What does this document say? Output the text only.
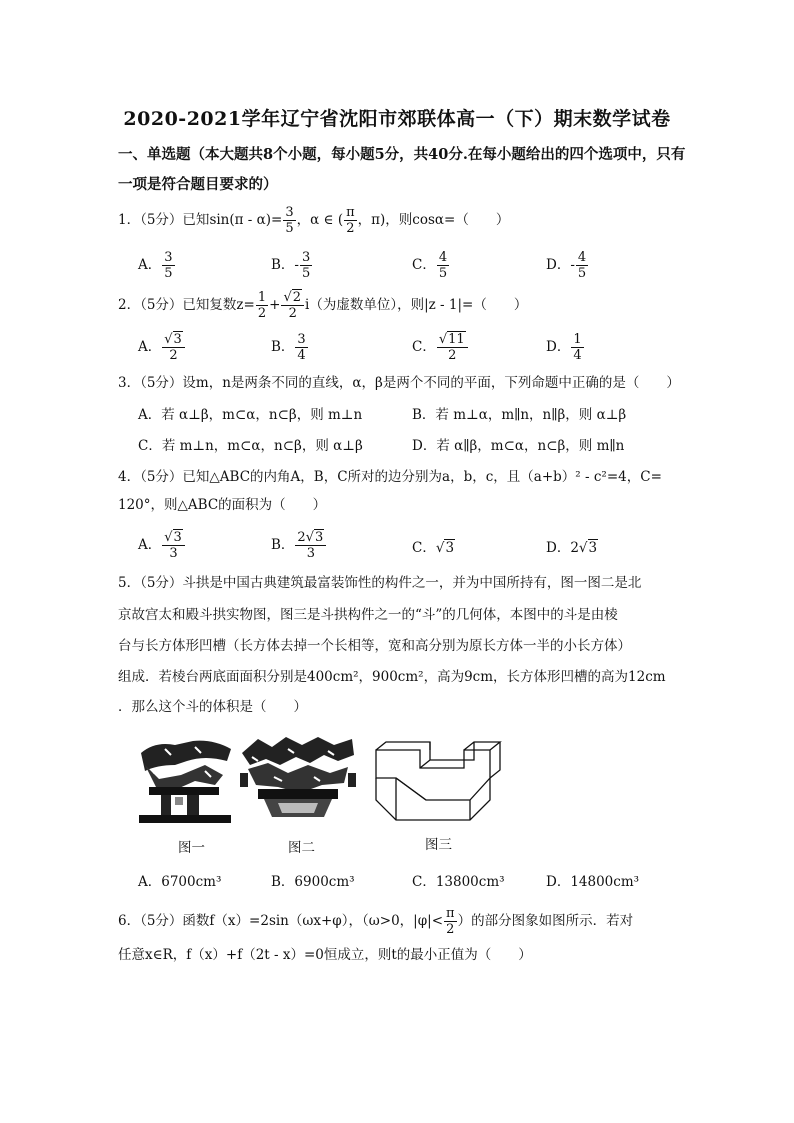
2020-2021学年辽宁省沈阳市郊联体高一（下）期末数学试卷
一、单选题（本大题共8个小题，每小题5分，共40分.在每小题给出的四个选项中，只有
一项是符合题目要求的）
1．（5分）已知$\sin(\pi - \alpha)= \frac{3}{5}$ ，α ∈ ( $\frac{\pi}{2}$ ，π)，则cosα=（　　）
A． $\frac{3}{5}$	B．- $\frac{3}{5}$	C． $\frac{4}{5}$	D．- $\frac{4}{5}$
2．（5分）已知复数$z= \frac{1}{2} + \frac{√2}{2} i$（为虚数单位），则|z - 1|=（　　）
A． $\frac{√3}{2}$	B． $\frac{3}{4}$	C． $\frac{√11}{2}$	D． $\frac{1}{4}$
3．（5分）设m，n是两条不同的直线，α，β是两个不同的平面，下列命题中正确的是（　　）
A．若 α⊥β，m⊂α，n⊂β，则 m⊥n	B．若 m⊥α，m∥n，n∥β，则 α⊥β
C．若 m⊥n，m⊂α，n⊂β，则 α⊥β	D．若 α∥β，m⊂α，n⊂β，则 m∥n
4．（5分）已知△ABC的内角A，B，C所对的边分别为a，b，c，且（a+b）² - c²=4，C=
120°，则△ABC的面积为（　　）
A． $\frac{√3}{3}$	B． $\frac{2√3}{3}$	C．√3	D．2√3
5．（5分）斗拱是中国古典建筑最富装饰性的构件之一，并为中国所持有，图一图二是北
京故宫太和殿斗拱实物图，图三是斗拱构件之一的“斗”的几何体，本图中的斗是由棱
台与长方体形凹槽（长方体去掉一个长相等，宽和高分别为原长方体一半的小长方体）
组成．若棱台两底面面积分别是400cm²，900cm²，高为9cm，长方体形凹槽的高为12cm
．那么这个斗的体积是（　　）
图一	图二	图三
A．6700cm³	B．6900cm³	C．13800cm³	D．14800cm³
6．（5分）函数f（x）=2sin（ωx+φ），（ω>0，$|\varphi|< \frac{\pi}{2}$ ）的部分图象如图所示．若对
任意x∈R，f（x）+f（2t - x）=0恒成立，则t的最小正值为（　　）
